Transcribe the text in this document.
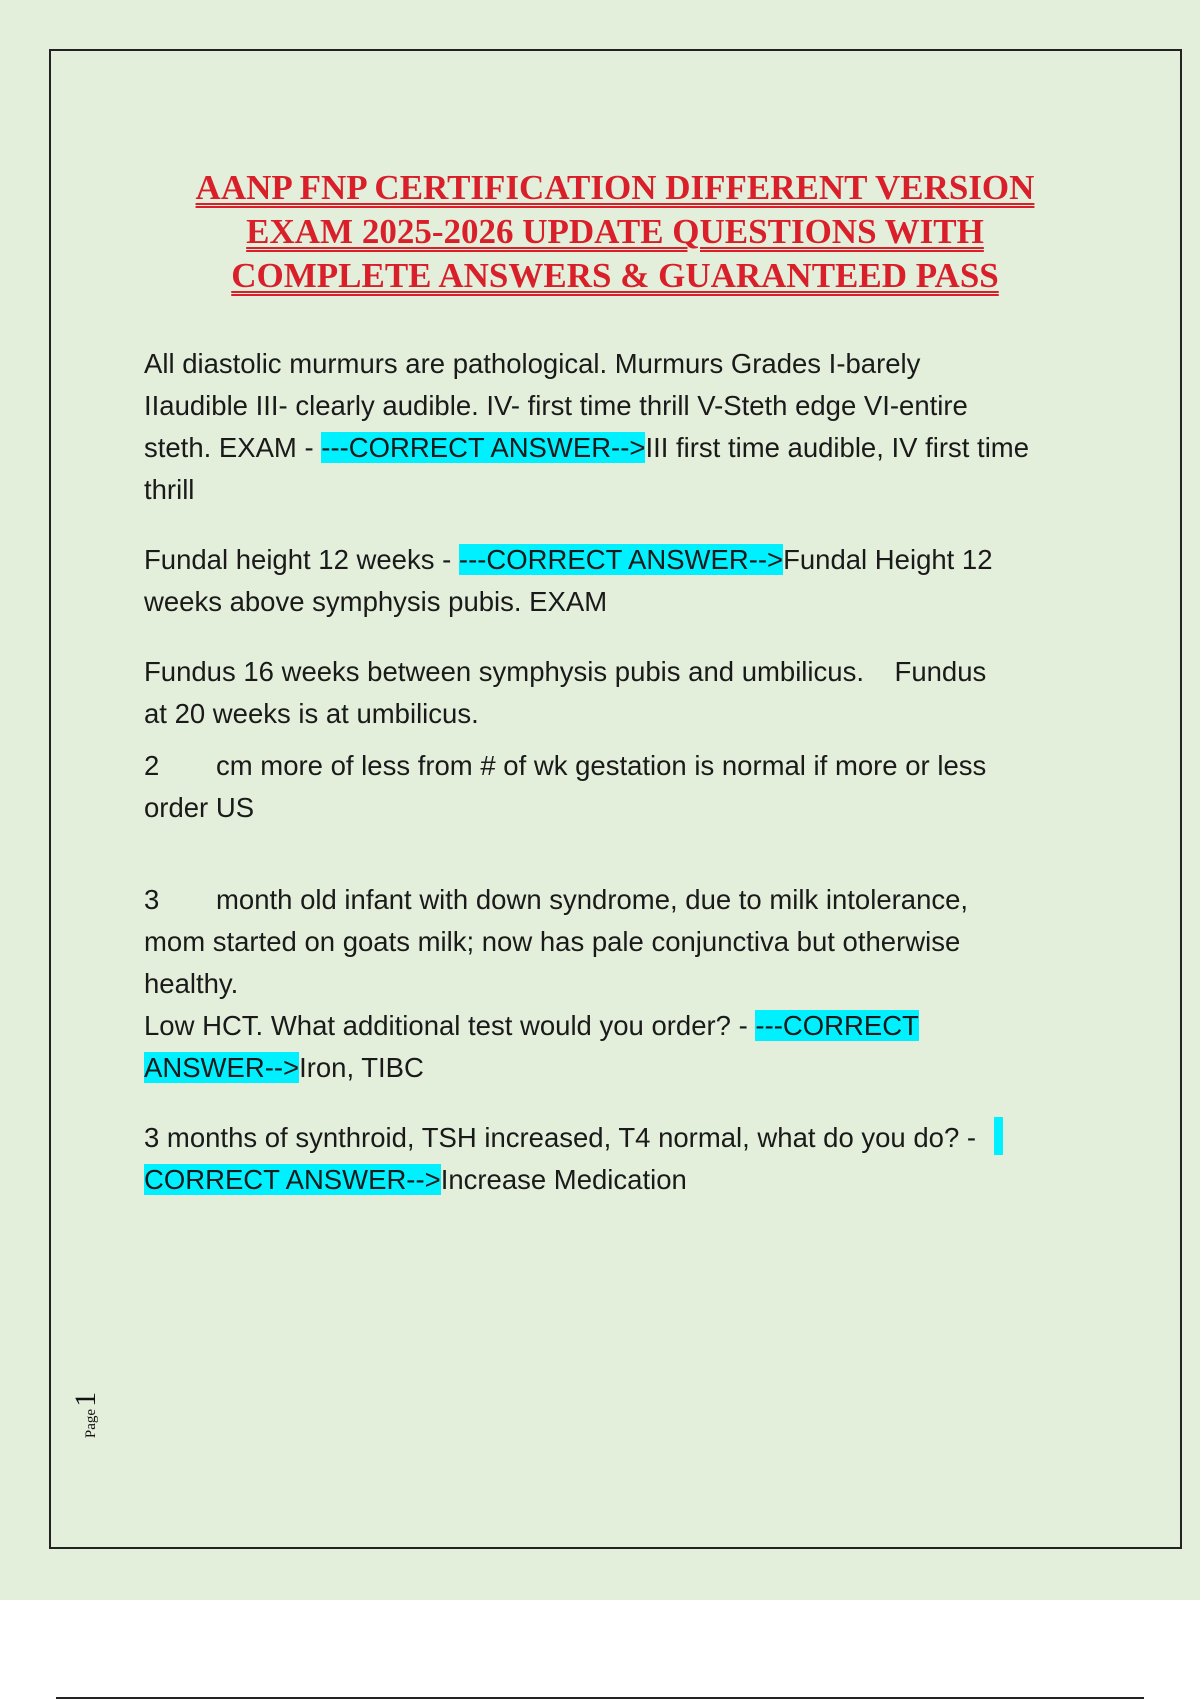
AANP FNP CERTIFICATION DIFFERENT VERSION
EXAM 2025-2026 UPDATE QUESTIONS WITH
COMPLETE ANSWERS & GUARANTEED PASS

All diastolic murmurs are pathological. Murmurs Grades I-barely

IIaudible III- clearly audible. IV- first time thrill V-Steth edge VI-entire

steth. EXAM - ---CORRECT ANSWER-->III first time audible, IV first time

thrill

Fundal height 12 weeks - ---CORRECT ANSWER-->Fundal Height 12

weeks above symphysis pubis. EXAM

Fundus 16 weeks between symphysis pubis and umbilicus.    Fundus

at 20 weeks is at umbilicus.

2 cm more of less from # of wk gestation is normal if more or less

order US

3 month old infant with down syndrome, due to milk intolerance,

mom started on goats milk; now has pale conjunctiva but otherwise

healthy.

Low HCT. What additional test would you order? - ---CORRECT

ANSWER-->Iron, TIBC

3 months of synthroid, TSH increased, T4 normal, what do you do? -

CORRECT ANSWER-->Increase Medication

Page1
